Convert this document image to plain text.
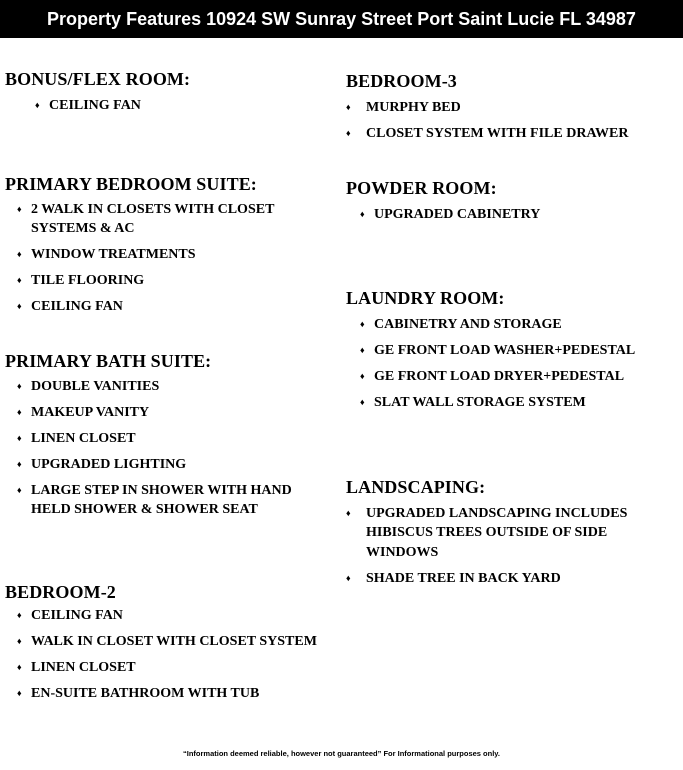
Property Features 10924 SW Sunray Street Port Saint Lucie FL 34987
BONUS/FLEX ROOM:
♦ CEILING FAN
PRIMARY BEDROOM SUITE:
♦ 2 WALK IN CLOSETS WITH CLOSET SYSTEMS & AC
♦ WINDOW TREATMENTS
♦ TILE FLOORING
♦ CEILING FAN
PRIMARY BATH SUITE:
♦ DOUBLE VANITIES
♦ MAKEUP VANITY
♦ LINEN CLOSET
♦ UPGRADED LIGHTING
♦ LARGE STEP IN SHOWER WITH HAND HELD SHOWER & SHOWER SEAT
BEDROOM-2
♦ CEILING FAN
♦ WALK IN CLOSET WITH CLOSET SYSTEM
♦ LINEN CLOSET
♦ EN-SUITE BATHROOM WITH TUB
BEDROOM-3
♦ MURPHY BED
♦ CLOSET SYSTEM WITH FILE DRAWER
POWDER ROOM:
♦ UPGRADED CABINETRY
LAUNDRY ROOM:
♦ CABINETRY AND STORAGE
♦ GE FRONT LOAD WASHER+PEDESTAL
♦ GE FRONT LOAD DRYER+PEDESTAL
♦ SLAT WALL STORAGE SYSTEM
LANDSCAPING:
♦ UPGRADED LANDSCAPING INCLUDES HIBISCUS TREES OUTSIDE OF SIDE WINDOWS
♦ SHADE TREE IN BACK YARD
“Information deemed reliable, however not guaranteed” For Informational purposes only.
